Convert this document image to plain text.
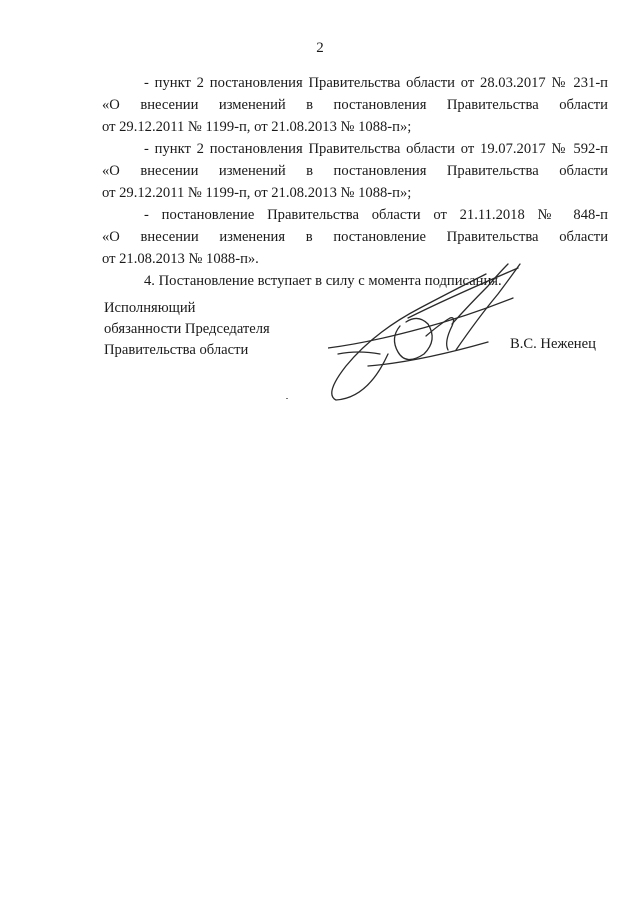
2
- пункт 2 постановления Правительства области от 28.03.2017 № 231-п
«О внесении изменений в постановления Правительства области
от 29.12.2011 № 1199-п, от 21.08.2013 № 1088-п»;
- пункт 2 постановления Правительства области от 19.07.2017 № 592-п
«О внесении изменений в постановления Правительства области
от 29.12.2011 № 1199-п, от 21.08.2013 № 1088-п»;
- постановление Правительства области от 21.11.2018 № 848-п
«О внесении изменения в постановление Правительства области
от 21.08.2013 № 1088-п».
4. Постановление вступает в силу с момента подписания.
Исполняющий
обязанности Председателя
Правительства области	В.С. Неженец
